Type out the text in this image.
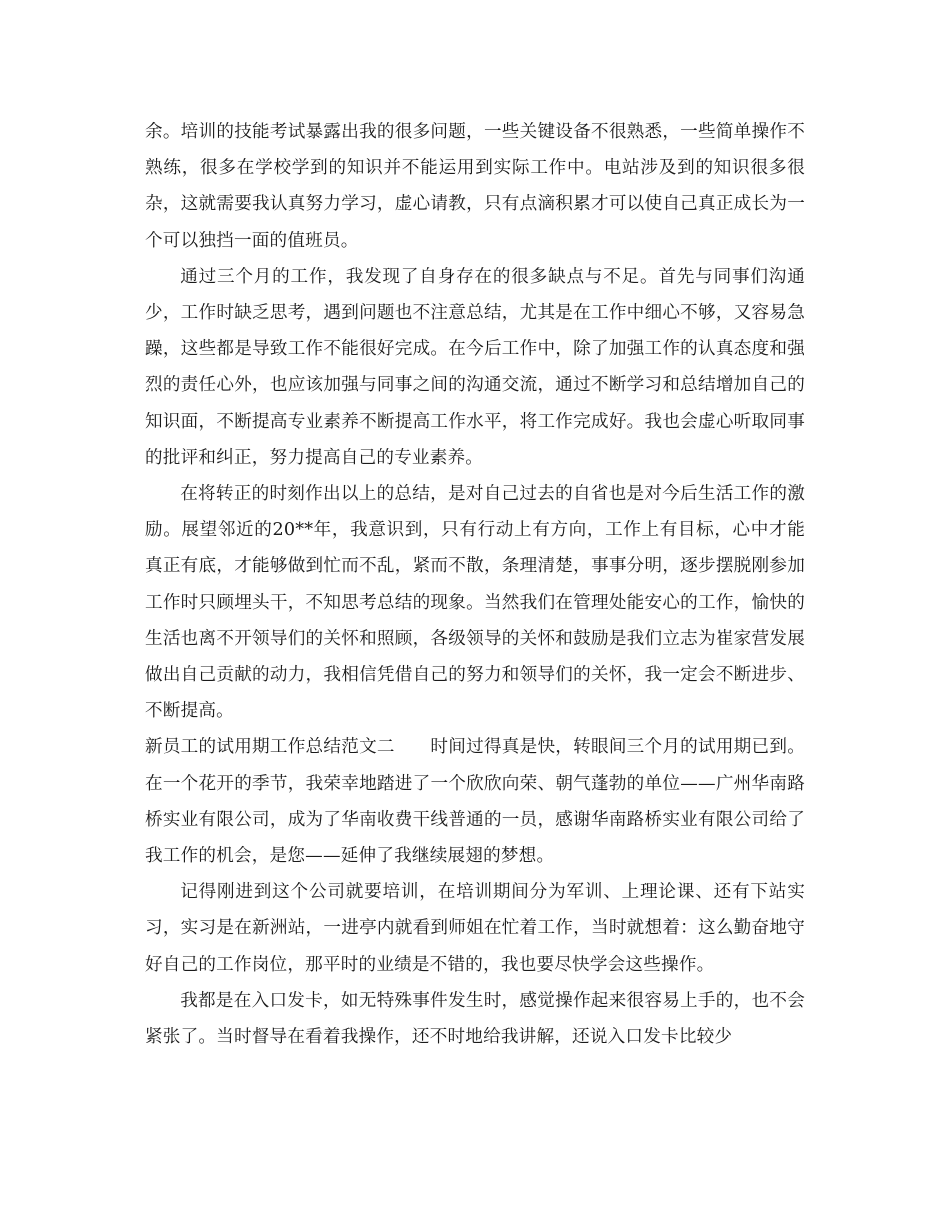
余。培训的技能考试暴露出我的很多问题，一些关键设备不很熟悉，一些简单操作不熟练，很多在学校学到的知识并不能运用到实际工作中。电站涉及到的知识很多很杂，这就需要我认真努力学习，虚心请教，只有点滴积累才可以使自己真正成长为一个可以独挡一面的值班员。

通过三个月的工作，我发现了自身存在的很多缺点与不足。首先与同事们沟通少，工作时缺乏思考，遇到问题也不注意总结，尤其是在工作中细心不够，又容易急躁，这些都是导致工作不能很好完成。在今后工作中，除了加强工作的认真态度和强烈的责任心外，也应该加强与同事之间的沟通交流，通过不断学习和总结增加自己的知识面，不断提高专业素养不断提高工作水平，将工作完成好。我也会虚心听取同事的批评和纠正，努力提高自己的专业素养。

在将转正的时刻作出以上的总结，是对自己过去的自省也是对今后生活工作的激励。展望邻近的20**年，我意识到，只有行动上有方向，工作上有目标，心中才能真正有底，才能够做到忙而不乱，紧而不散，条理清楚，事事分明，逐步摆脱刚参加工作时只顾埋头干，不知思考总结的现象。当然我们在管理处能安心的工作，愉快的生活也离不开领导们的关怀和照顾，各级领导的关怀和鼓励是我们立志为崔家营发展做出自己贡献的动力，我相信凭借自己的努力和领导们的关怀，我一定会不断进步、不断提高。

新员工的试用期工作总结范文二　　时间过得真是快，转眼间三个月的试用期已到。在一个花开的季节，我荣幸地踏进了一个欣欣向荣、朝气蓬勃的单位——广州华南路桥实业有限公司，成为了华南收费干线普通的一员，感谢华南路桥实业有限公司给了我工作的机会，是您——延伸了我继续展翅的梦想。

记得刚进到这个公司就要培训，在培训期间分为军训、上理论课、还有下站实习，实习是在新洲站，一进亭内就看到师姐在忙着工作，当时就想着：这么勤奋地守好自己的工作岗位，那平时的业绩是不错的，我也要尽快学会这些操作。

我都是在入口发卡，如无特殊事件发生时，感觉操作起来很容易上手的，也不会紧张了。当时督导在看着我操作，还不时地给我讲解，还说入口发卡比较少
